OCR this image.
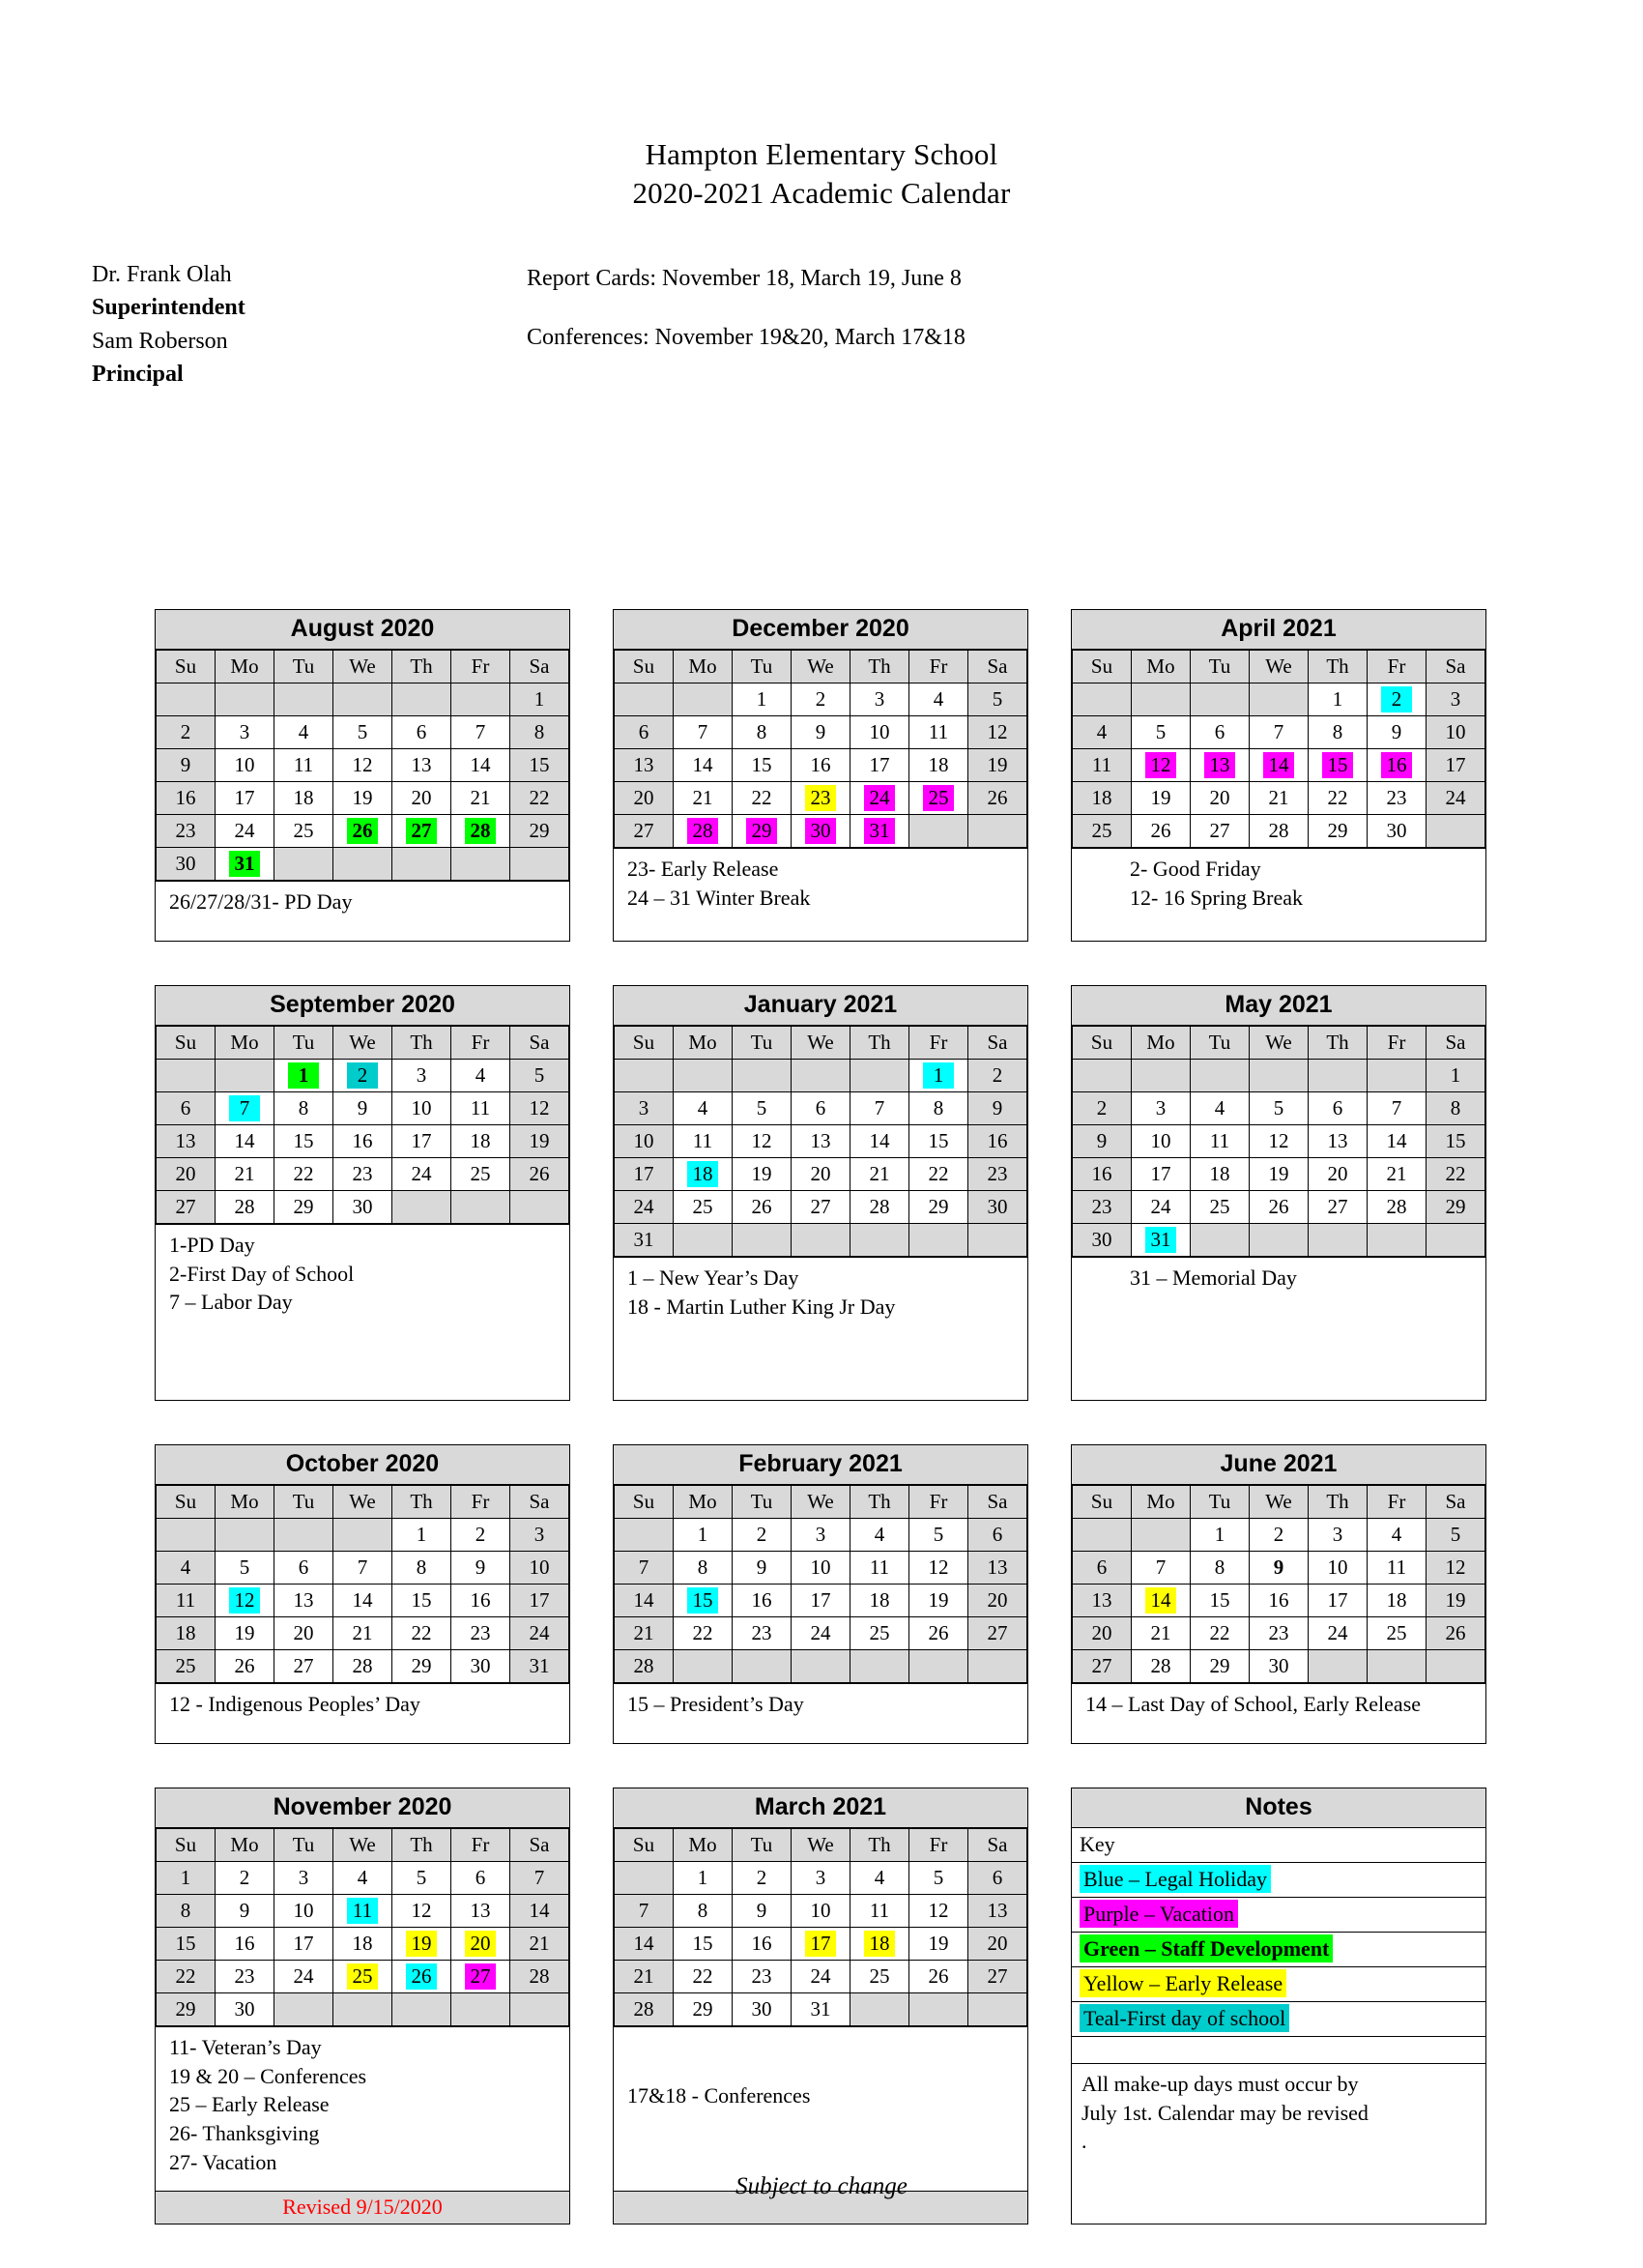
Hampton Elementary School
2020-2021 Academic Calendar
Dr. Frank Olah
Superintendent
Sam Roberson
Principal
Report Cards: November 18, March 19, June 8
Conferences: November 19&20, March 17&18
August 2020
Su	Mo	Tu	We	Th	Fr	Sa
						1
2	3	4	5	6	7	8
9	10	11	12	13	14	15
16	17	18	19	20	21	22
23	24	25	26	27	28	29
30	31					
26/27/28/31- PD Day
December 2020
Su	Mo	Tu	We	Th	Fr	Sa
		1	2	3	4	5
6	7	8	9	10	11	12
13	14	15	16	17	18	19
20	21	22	23	24	25	26
27	28	29	30	31		
23- Early Release
24 – 31 Winter Break
April 2021
Su	Mo	Tu	We	Th	Fr	Sa
				1	2	3
4	5	6	7	8	9	10
11	12	13	14	15	16	17
18	19	20	21	22	23	24
25	26	27	28	29	30	
2- Good Friday
12- 16 Spring Break
September 2020
Su	Mo	Tu	We	Th	Fr	Sa
		1	2	3	4	5
6	7	8	9	10	11	12
13	14	15	16	17	18	19
20	21	22	23	24	25	26
27	28	29	30			
1-PD Day
2-First Day of School
7 – Labor Day
January 2021
Su	Mo	Tu	We	Th	Fr	Sa
					1	2
3	4	5	6	7	8	9
10	11	12	13	14	15	16
17	18	19	20	21	22	23
24	25	26	27	28	29	30
31						
1 – New Year’s Day
18 - Martin Luther King Jr Day
May 2021
Su	Mo	Tu	We	Th	Fr	Sa
						1
2	3	4	5	6	7	8
9	10	11	12	13	14	15
16	17	18	19	20	21	22
23	24	25	26	27	28	29
30	31					
31 – Memorial Day
October 2020
Su	Mo	Tu	We	Th	Fr	Sa
				1	2	3
4	5	6	7	8	9	10
11	12	13	14	15	16	17
18	19	20	21	22	23	24
25	26	27	28	29	30	31
12 - Indigenous Peoples’ Day
February 2021
Su	Mo	Tu	We	Th	Fr	Sa
	1	2	3	4	5	6
7	8	9	10	11	12	13
14	15	16	17	18	19	20
21	22	23	24	25	26	27
28						
15 – President’s Day
June 2021
Su	Mo	Tu	We	Th	Fr	Sa
		1	2	3	4	5
6	7	8	9	10	11	12
13	14	15	16	17	18	19
20	21	22	23	24	25	26
27	28	29	30			
14 – Last Day of School, Early Release
November 2020
Su	Mo	Tu	We	Th	Fr	Sa
1	2	3	4	5	6	7
8	9	10	11	12	13	14
15	16	17	18	19	20	21
22	23	24	25	26	27	28
29	30					
11- Veteran’s Day
19 & 20 – Conferences
25 – Early Release
26- Thanksgiving
27- Vacation
Revised 9/15/2020
March 2021
Su	Mo	Tu	We	Th	Fr	Sa
	1	2	3	4	5	6
7	8	9	10	11	12	13
14	15	16	17	18	19	20
21	22	23	24	25	26	27
28	29	30	31			
17&18 - Conferences

Notes
Key
Blue – Legal Holiday
Purple – Vacation
Green – Staff Development
Yellow – Early Release
Teal-First day of school
All make-up days must occur by
July 1st. Calendar may be revised
.
Subject to change
